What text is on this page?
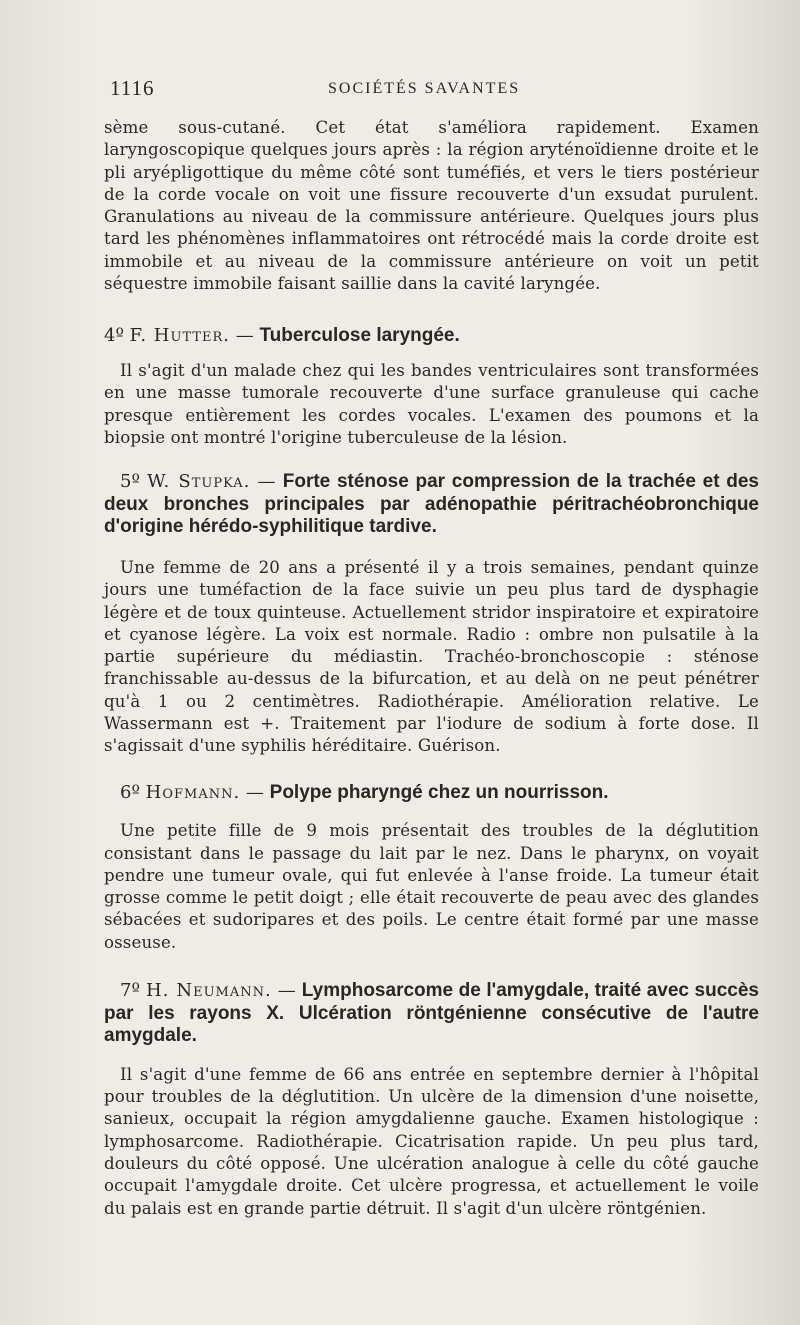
1116	SOCIÉTÉS SAVANTES

sème sous-cutané. Cet état s'améliora rapidement. Examen laryngoscopique quelques jours après : la région aryténoïdienne droite et le pli aryépligottique du même côté sont tuméfiés, et vers le tiers postérieur de la corde vocale on voit une fissure recouverte d'un exsudat purulent. Granulations au niveau de la commissure antérieure. Quelques jours plus tard les phénomènes inflammatoires ont rétrocédé mais la corde droite est immobile et au niveau de la commissure antérieure on voit un petit séquestre immobile faisant saillie dans la cavité laryngée.

4º F. Hutter. — Tuberculose laryngée.

Il s'agit d'un malade chez qui les bandes ventriculaires sont transformées en une masse tumorale recouverte d'une surface granuleuse qui cache presque entièrement les cordes vocales. L'examen des poumons et la biopsie ont montré l'origine tuberculeuse de la lésion.

5º W. Stupka. — Forte sténose par compression de la trachée et des deux bronches principales par adénopathie péritrachéobronchique d'origine hérédo-syphilitique tardive.

Une femme de 20 ans a présenté il y a trois semaines, pendant quinze jours une tuméfaction de la face suivie un peu plus tard de dysphagie légère et de toux quinteuse. Actuellement stridor inspiratoire et expiratoire et cyanose légère. La voix est normale. Radio : ombre non pulsatile à la partie supérieure du médiastin. Trachéo-bronchoscopie : sténose franchissable au-dessus de la bifurcation, et au delà on ne peut pénétrer qu'à 1 ou 2 centimètres. Radiothérapie. Amélioration relative. Le Wassermann est +. Traitement par l'iodure de sodium à forte dose. Il s'agissait d'une syphilis héréditaire. Guérison.

6º Hofmann. — Polype pharyngé chez un nourrisson.

Une petite fille de 9 mois présentait des troubles de la déglutition consistant dans le passage du lait par le nez. Dans le pharynx, on voyait pendre une tumeur ovale, qui fut enlevée à l'anse froide. La tumeur était grosse comme le petit doigt ; elle était recouverte de peau avec des glandes sébacées et sudoripares et des poils. Le centre était formé par une masse osseuse.

7º H. Neumann. — Lymphosarcome de l'amygdale, traité avec succès par les rayons X. Ulcération röntgénienne consécutive de l'autre amygdale.

Il s'agit d'une femme de 66 ans entrée en septembre dernier à l'hôpital pour troubles de la déglutition. Un ulcère de la dimension d'une noisette, sanieux, occupait la région amygdalienne gauche. Examen histologique : lymphosarcome. Radiothérapie. Cicatrisation rapide. Un peu plus tard, douleurs du côté opposé. Une ulcération analogue à celle du côté gauche occupait l'amygdale droite. Cet ulcère progressa, et actuellement le voile du palais est en grande partie détruit. Il s'agit d'un ulcère röntgénien.
